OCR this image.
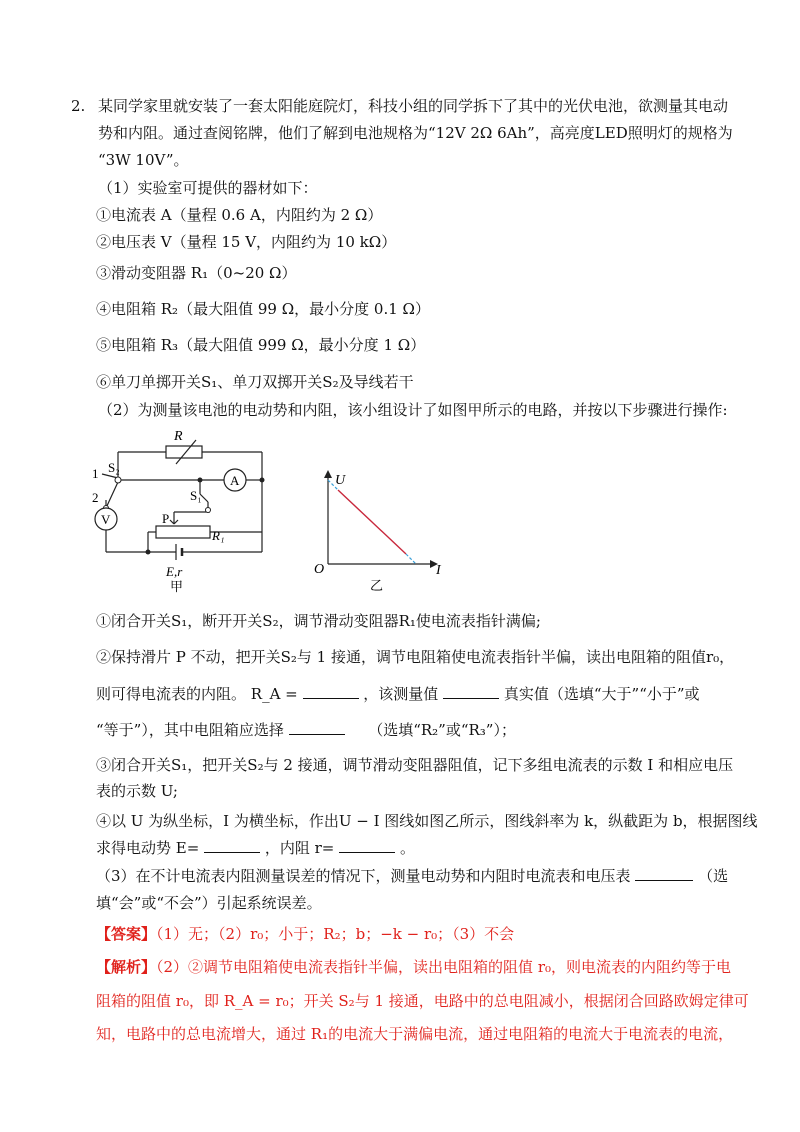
2. 某同学家里就安装了一套太阳能庭院灯，科技小组的同学拆下了其中的光伏电池，欲测量其电动
势和内阻。通过查阅铭牌，他们了解到电池规格为“12V 2Ω 6Ah”，高亮度LED照明灯的规格为
“3W 10V”。
（1）实验室可提供的器材如下：
①电流表 A（量程 0.6 A，内阻约为 2 Ω）
②电压表 V（量程 15 V，内阻约为 10 kΩ）
③滑动变阻器 R₁（0~20 Ω）
④电阻箱 R₂（最大阻值 99 Ω，最小分度 0.1 Ω）
⑤电阻箱 R₃（最大阻值 999 Ω，最小分度 1 Ω）
⑥单刀单掷开关S₁、单刀双掷开关S₂及导线若干
（2）为测量该电池的电动势和内阻，该小组设计了如图甲所示的电路，并按以下步骤进行操作:
R
1 S₂
2	S₁
A
V	P
R₁
E,r
甲
U
I
O
乙
①闭合开关S₁，断开开关S₂，调节滑动变阻器R₁使电流表指针满偏;
②保持滑片 P 不动，把开关S₂与 1 接通，调节电阻箱使电流表指针半偏，读出电阻箱的阻值r₀，
则可得电流表的内阻。 R_A =	，该测量值	真实值（选填“大于”“小于”或
“等于”），其中电阻箱应选择	（选填“R₂”或“R₃”）；
③闭合开关S₁，把开关S₂与 2 接通，调节滑动变阻器阻值，记下多组电流表的示数 I 和相应电压
表的示数 U;
④以 U 为纵坐标，I 为横坐标，作出U − I 图线如图乙所示，图线斜率为 k，纵截距为 b，根据图线
求得电动势 E=	，内阻 r=	。
（3）在不计电流表内阻测量误差的情况下，测量电动势和内阻时电流表和电压表	（选
填“会”或“不会”）引起系统误差。
【答案】（1）无；（2）r₀；小于；R₂；b；−k − r₀；（3）不会
【解析】（2）②调节电阻箱使电流表指针半偏，读出电阻箱的阻值 r₀，则电流表的内阻约等于电
阻箱的阻值 r₀，即 R_A = r₀；开关 S₂与 1 接通，电路中的总电阻减小，根据闭合回路欧姆定律可
知，电路中的总电流增大，通过 R₁的电流大于满偏电流，通过电阻箱的电流大于电流表的电流，
